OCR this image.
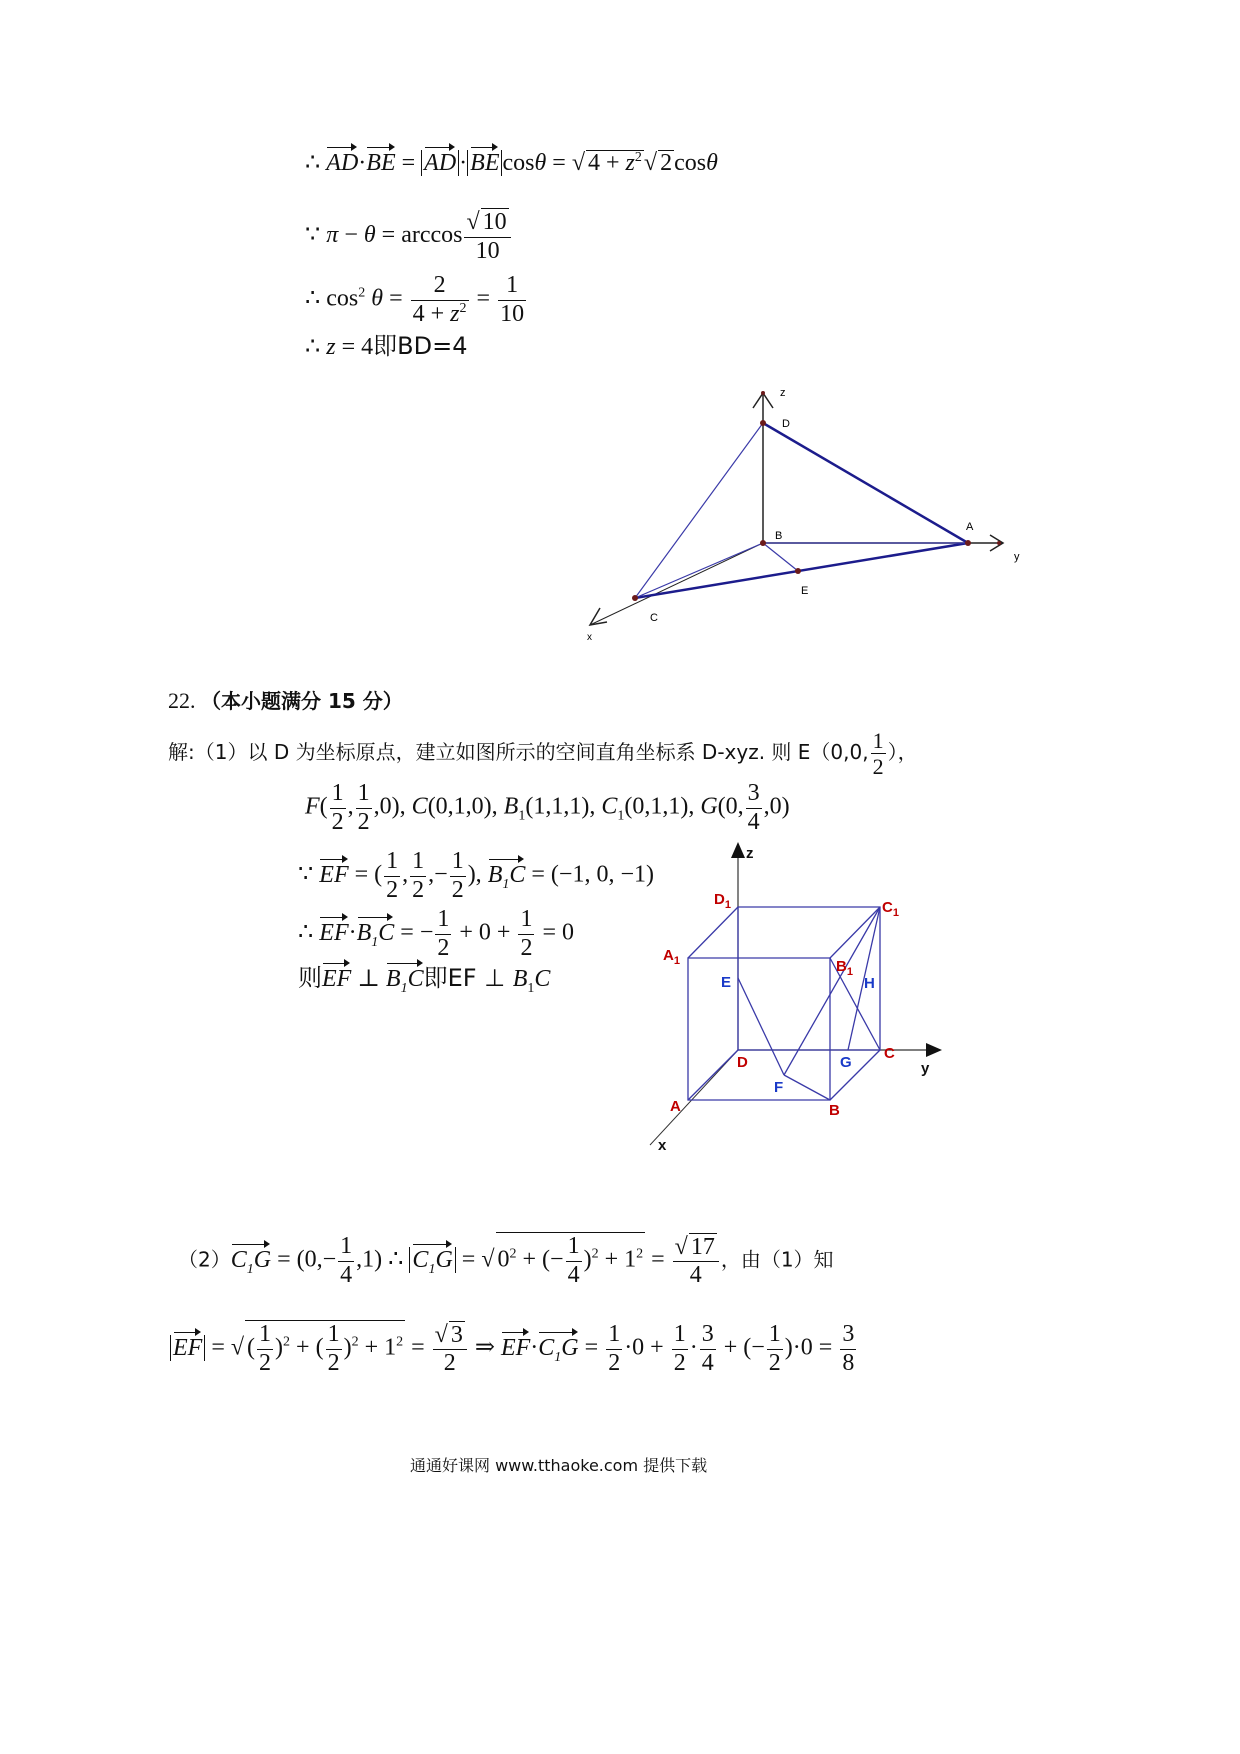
∴ AD·BE = AD · BE cosθ = √ $4 + z^2√$ 2cosθ
∵ $\pi - \theta = \arccos \frac{√ 10}{10}$
∴ $\cos^2 \theta = \frac{2}{4 + z^2} = \frac{1}{10}$
∴ z = 4即BD=4
z
D
A
y
B
E
C
x
22. （本小题满分 15 分）
解:（1）以 D 为坐标原点，建立如图所示的空间直角坐标系 D-xyz. 则 E（0,0, $\frac{1}{2}$ ），
$F( \frac{1}{2}$ , $\frac{1}{2} ,0$), C(0,1,0), $B_1(1,1,1)$, $C_1(0,1,1)$, G(0, $\frac{3}{4} ,0$)
∵ EF = ( $\frac{1}{2}$ , $\frac{1}{2}$ ,− $\frac{1}{2}$ ), $B_1C = (-1$, 0, −1)
∴ $EF\cdot B_1C$ = − $\frac{1}{2} + 0 + \frac{1}{2} = 0$
则EF ⊥ $B_1C$即EF ⊥ $B_1C$
z
$D_1$	$C_1$
$A_1$	$B_1$
E	H
D	G
C
y
F
A	B
x
$(2)C_1G = (0,- \frac{1}{4} ,1)$ ∴ $C_1G$ = √ $0^2$ + (− $\frac{1}{4} )^2 + 1^2 = \frac{√ 17}{4}$ ，由（1）知
EF = √ ( $\frac{1}{2} )^2$ + ( $\frac{1}{2} )^2 + 1^2 = \frac{√ 3}{2}$ ⇒ $EF\cdot C_1G = \frac{1}{2} \cdot 0 + \frac{1}{2} \cdot \frac{3}{4}$ + (− $\frac{1}{2} )\cdot 0 = \frac{3}{8}$
通通好课网 www.tthaoke.com 提供下载
